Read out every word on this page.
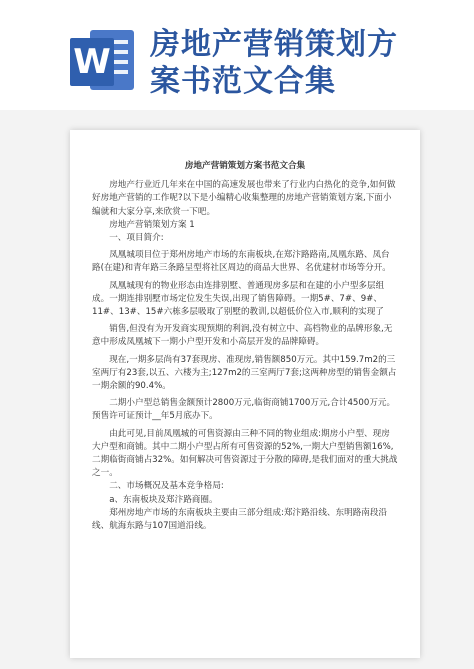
W 房地产营销策划方
案书范文合集

房地产营销策划方案书范文合集

房地产行业近几年来在中国的高速发展也带来了行业内白热化的竞争,如何做好房地产营销的工作呢?以下是小编精心收集整理的房地产营销策划方案,下面小编就和大家分享,来欣赏一下吧。

房地产营销策划方案 1

一、项目简介:

凤凰城项目位于郑州房地产市场的东南板块,在郑汴路路南,凤凰东路、凤台路(在建)和青年路三条路呈型将社区周边的商品大世界、名优建材市场等分开。

凤凰城现有的物业形态由连排别墅、普通现房多层和在建的小户型多层组成。一期连排别墅市场定位发生失误,出现了销售障碍。一期5#、7#、9#、11#、13#、15#六栋多层吸取了别墅的教训,以超低价位入市,顺利的实现了

销售,但没有为开发商实现预期的利润,没有树立中、高档物业的品牌形象,无意中形成凤凰城下一期小户型开发和小高层开发的品牌障碍。

现在,一期多层尚有37套现房、准现房,销售额850万元。其中159.7m2的三室两厅有23套,以五、六楼为主;127m2的三室两厅7套;这两种房型的销售金额占一期余额的90.4%。

二期小户型总销售金额预计2800万元,临街商铺1700万元,合计4500万元。预售许可证预计__年5月底办下。

由此可见,目前凤凰城的可售资源由三种不同的物业组成:期房小户型、现房大户型和商铺。其中二期小户型占所有可售资源的52%,一期大户型销售额16%,二期临街商铺占32%。如何解决可售资源过于分散的障碍,是我们面对的重大挑战之一。

二、市场概况及基本竞争格局:

a、东南板块及郑汴路商圈。

郑州房地产市场的东南板块主要由三部分组成:郑汴路沿线、东明路南段沿线、航海东路与107国道沿线。
